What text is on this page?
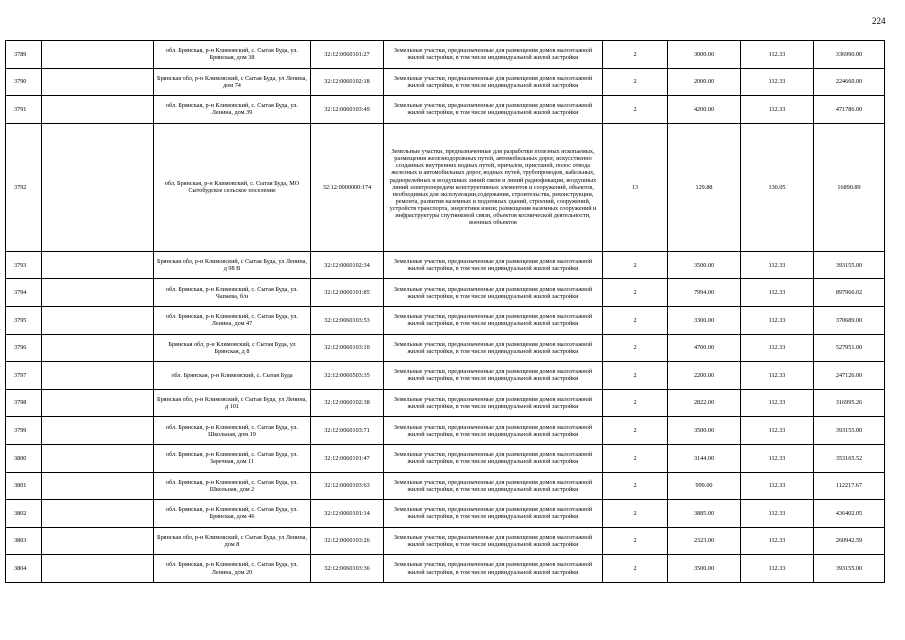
224
3789		обл. Брянская, р-н Климовский, с. Сытая Буда, ул. Брянская, дом 38	32:12:0060101:27	Земельные участки, предназначенные для размещения домов малоэтажной жилой застройки, в том числе индивидуальной жилой застройки	2	3000.00	112.33	336990.00
3790		Брянская обл, р-н Климовский, с Сытая Буда, ул Ленина, дом 74	32:12:0060102:18	Земельные участки, предназначенные для размещения домов малоэтажной жилой застройки, в том числе индивидуальной жилой застройки	2	2000.00	112.33	224660.00
3791		обл. Брянская, р-н Климовский, с. Сытая Буда, ул. Ленина, дом 39	32:12:0060103:49	Земельные участки, предназначенные для размещения домов малоэтажной жилой застройки, в том числе индивидуальной жилой застройки	2	4200.00	112.33	471786.00
3792		обл. Брянская, р-н Климовский, с. Сытая Буда, МО Сытобудское сельское поселение	32:12:0000000:174	Земельные участки, предназначенные для разработки полезных ископаемых, размещения железнодорожных путей, автомобильных дорог, искусственно созданных внутренних водных путей, причалов, пристаней, полос отвода железных и автомобильных дорог, водных путей, трубопроводов, кабельных, радиорелейных и воздушных линий связи и линий радиофикации, воздушных линий электропередачи конструктивных элементов и сооружений, объектов, необходимых для эксплуатации,содержания, строительства, реконструкции, ремонта, развития наземных и подземных зданий, строений, сооружений, устройств транспорта, энергетики иэязи; размещения наземных сооружений и инфраструктуры спутниковой связи, объектов космической деятельности, военных объектов	13	129.88	130.05	16890.89
3793		Брянская обл, р-н Климовский, с Сытая Буда, ул Ленина, д 98 В	32:12:0060102:34	Земельные участки, предназначенные для размещения домов малоэтажной жилой застройки, в том числе индивидуальной жилой застройки	2	3500.00	112.33	393155.00
3794		обл. Брянская, р-н Климовский, с. Сытая Буда, ул. Чапаева, б/н	32:12:0060101:85	Земельные участки, предназначенные для размещения домов малоэтажной жилой застройки, в том числе индивидуальной жилой застройки	2	7994.00	112.33	897966.02
3795		обл. Брянская, р-н Климовский, с. Сытая Буда, ул. Ленина, дом 47	32:12:0060103:53	Земельные участки, предназначенные для размещения домов малоэтажной жилой застройки, в том числе индивидуальной жилой застройки	2	3300.00	112.33	370689.00
3796		Брянская обл, р-н Климовский, с Сытая Буда, ул Брянская, д 8	32:12:0060103:10	Земельные участки, предназначенные для размещения домов малоэтажной жилой застройки, в том числе индивидуальной жилой застройки	2	4700.00	112.33	527951.00
3797		обл. Брянская, р-н Климовский, с. Сытая Буда	32:12:0060503:35	Земельные участки, предназначенные для размещения домов малоэтажной жилой застройки, в том числе индивидуальной жилой застройки	2	2200.00	112.33	247126.00
3798		Брянская обл, р-н Климовский, с Сытая Буда, ул Ленина, д 101	32:12:0060102:38	Земельные участки, предназначенные для размещения домов малоэтажной жилой застройки, в том числе индивидуальной жилой застройки	2	2822.00	112.33	316995.26
3799		обл. Брянская, р-н Климовский, с. Сытая Буда, ул. Школьная, дом 19	32:12:0060103:71	Земельные участки, предназначенные для размещения домов малоэтажной жилой застройки, в том числе индивидуальной жилой застройки	2	3500.00	112.33	393155.00
3800		обл. Брянская, р-н Климовский, с. Сытая Буда, ул. Заречная, дом 11	32:12:0060101:47	Земельные участки, предназначенные для размещения домов малоэтажной жилой застройки, в том числе индивидуальной жилой застройки	2	3144.00	112.33	353165.52
3801		обл. Брянская, р-н Климовский, с. Сытая Буда, ул. Школьная, дом 2	32:12:0060103:63	Земельные участки, предназначенные для размещения домов малоэтажной жилой застройки, в том числе индивидуальной жилой застройки	2	999.00	112.33	112217.67
3802		обл. Брянская, р-н Климовский, с. Сытая Буда, ул. Брянская, дом 46	32:12:0060101:14	Земельные участки, предназначенные для размещения домов малоэтажной жилой застройки, в том числе индивидуальной жилой застройки	2	3885.00	112.33	436402.05
3803		Брянская обл, р-н Климовский, с Сытая Буда, ул Ленина, дом 8	32:12:0060103:26	Земельные участки, предназначенные для размещения домов малоэтажной жилой застройки, в том числе индивидуальной жилой застройки	2	2323.00	112.33	260942.59
3804		обл. Брянская, р-н Климовский, с. Сытая Буда, ул. Ленина, дом 20	32:12:0060103:36	Земельные участки, предназначенные для размещения домов малоэтажной жилой застройки, в том числе индивидуальной жилой застройки	2	3500.00	112.33	393155.00
